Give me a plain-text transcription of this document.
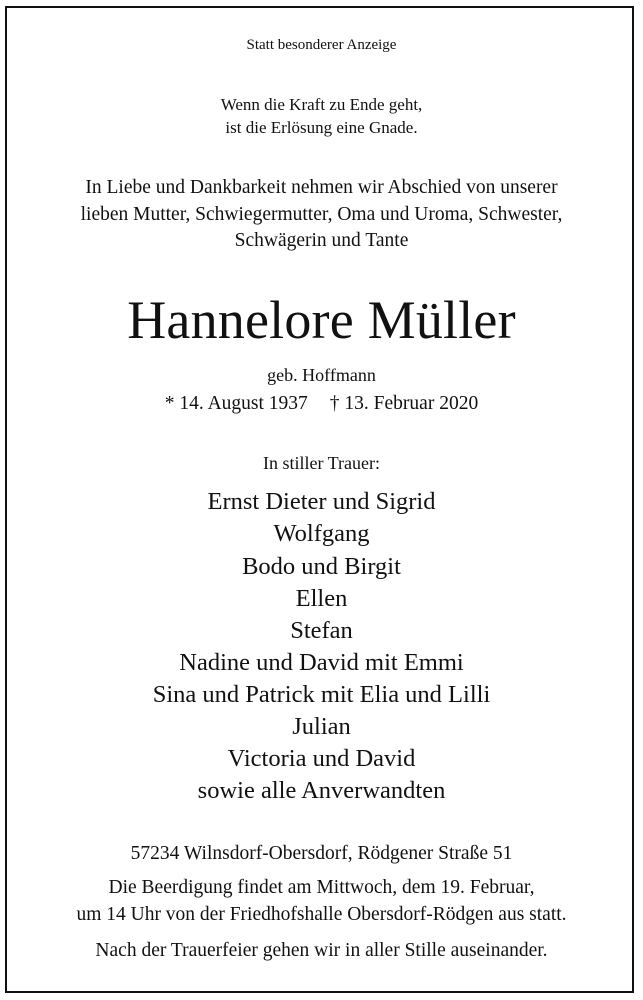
Statt besonderer Anzeige
Wenn die Kraft zu Ende geht,
ist die Erlösung eine Gnade.
In Liebe und Dankbarkeit nehmen wir Abschied von unserer
lieben Mutter, Schwiegermutter, Oma und Uroma, Schwester,
Schwägerin und Tante
Hannelore Müller
geb. Hoffmann
* 14. August 1937 † 13. Februar 2020
In stiller Trauer:
Ernst Dieter und Sigrid
Wolfgang
Bodo und Birgit
Ellen
Stefan
Nadine und David mit Emmi
Sina und Patrick mit Elia und Lilli
Julian
Victoria und David
sowie alle Anverwandten
57234 Wilnsdorf-Obersdorf, Rödgener Straße 51
Die Beerdigung findet am Mittwoch, dem 19. Februar,
um 14 Uhr von der Friedhofshalle Obersdorf-Rödgen aus statt.
Nach der Trauerfeier gehen wir in aller Stille auseinander.
